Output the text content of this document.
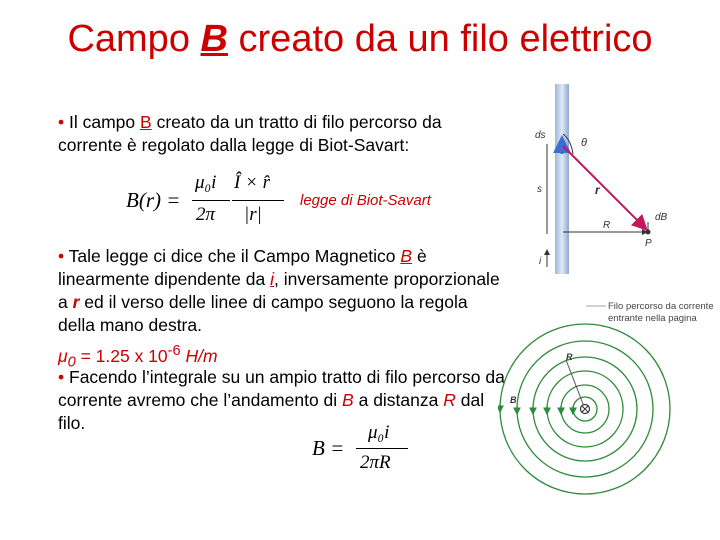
Campo B creato da un filo elettrico
• Il campo B creato da un tratto di filo percorso da corrente è regolato dalla legge di Biot-Savart:
B(r) =
μ₀i
2π
Î × r̂
|r|
legge di Biot-Savart
• Tale legge ci dice che il Campo Magnetico B è linearmente dipendente da i, inversamente proporzionale a r ed il verso delle linee di campo seguono la regola della mano destra.
$\mu_0 = 1.25$ x $10^{-6}$ H/m
• Facendo l’integrale su un ampio tratto di filo percorso da corrente avremo che l’andamento di B a distanza R dal filo.
B =
μ₀i
2πR
ds
θ
r
s
dB
R
P
i
Filo percorso da corrente
entrante nella pagina
R
B
